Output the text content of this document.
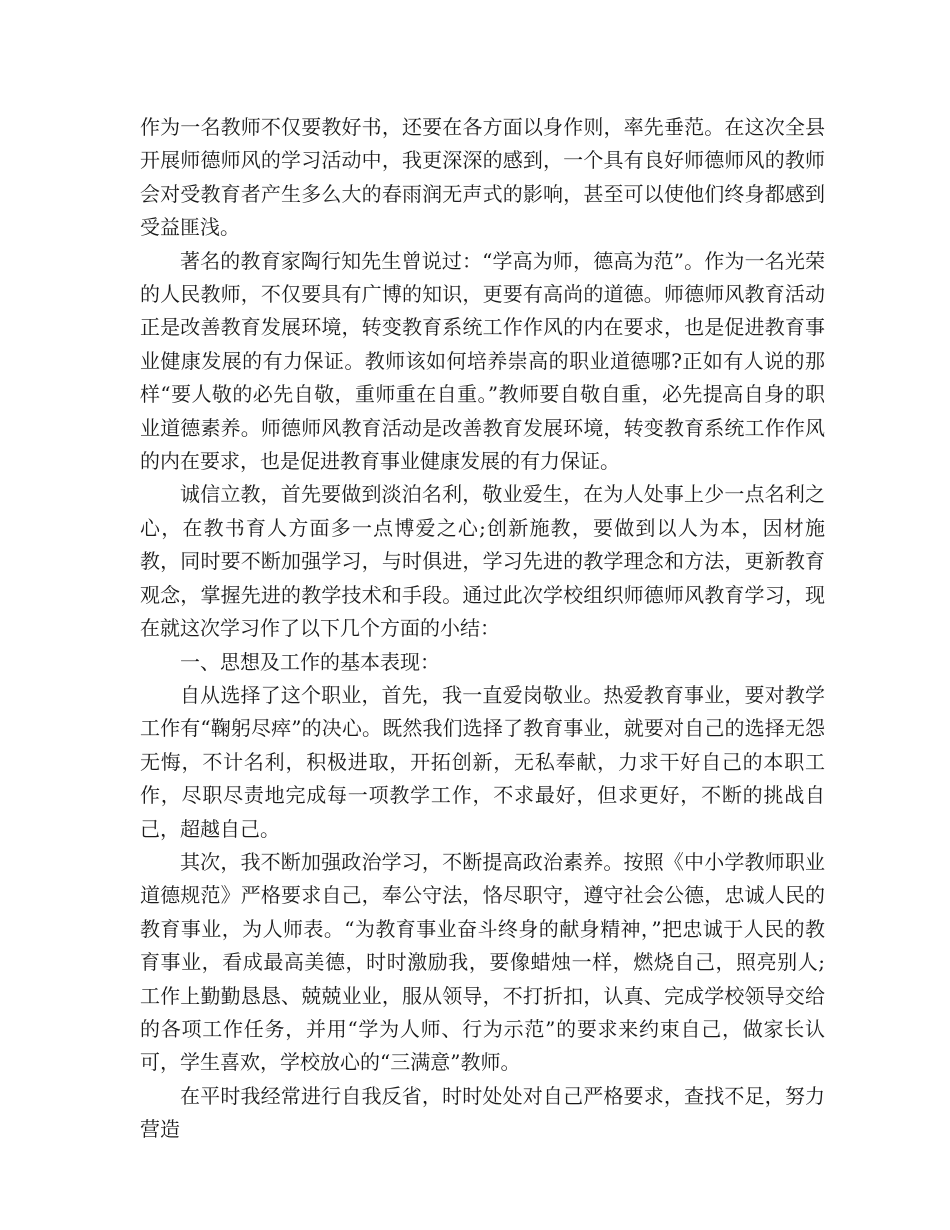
作为一名教师不仅要教好书，还要在各方面以身作则，率先垂范。在这次全县开展师德师风的学习活动中，我更深深的感到，一个具有良好师德师风的教师会对受教育者产生多么大的春雨润无声式的影响，甚至可以使他们终身都感到受益匪浅。

著名的教育家陶行知先生曾说过：“学高为师，德高为范”。作为一名光荣的人民教师，不仅要具有广博的知识，更要有高尚的道德。师德师风教育活动正是改善教育发展环境，转变教育系统工作作风的内在要求，也是促进教育事业健康发展的有力保证。教师该如何培养崇高的职业道德哪?正如有人说的那样“要人敬的必先自敬，重师重在自重。”教师要自敬自重，必先提高自身的职业道德素养。师德师风教育活动是改善教育发展环境，转变教育系统工作作风的内在要求，也是促进教育事业健康发展的有力保证。

诚信立教，首先要做到淡泊名利，敬业爱生，在为人处事上少一点名利之心，在教书育人方面多一点博爱之心;创新施教，要做到以人为本，因材施教，同时要不断加强学习，与时俱进，学习先进的教学理念和方法，更新教育观念，掌握先进的教学技术和手段。通过此次学校组织师德师风教育学习，现在就这次学习作了以下几个方面的小结：

一、思想及工作的基本表现：

自从选择了这个职业，首先，我一直爱岗敬业。热爱教育事业，要对教学工作有“鞠躬尽瘁”的决心。既然我们选择了教育事业，就要对自己的选择无怨无悔，不计名利，积极进取，开拓创新，无私奉献，力求干好自己的本职工作，尽职尽责地完成每一项教学工作，不求最好，但求更好，不断的挑战自己，超越自己。

其次，我不断加强政治学习，不断提高政治素养。按照《中小学教师职业道德规范》严格要求自己，奉公守法，恪尽职守，遵守社会公德，忠诚人民的教育事业，为人师表。“为教育事业奋斗终身的献身精神，”把忠诚于人民的教育事业，看成最高美德，时时激励我，要像蜡烛一样，燃烧自己，照亮别人;工作上勤勤恳恳、兢兢业业，服从领导，不打折扣，认真、完成学校领导交给的各项工作任务，并用“学为人师、行为示范”的要求来约束自己，做家长认可，学生喜欢，学校放心的“三满意”教师。

在平时我经常进行自我反省，时时处处对自己严格要求，查找不足，努力营造
